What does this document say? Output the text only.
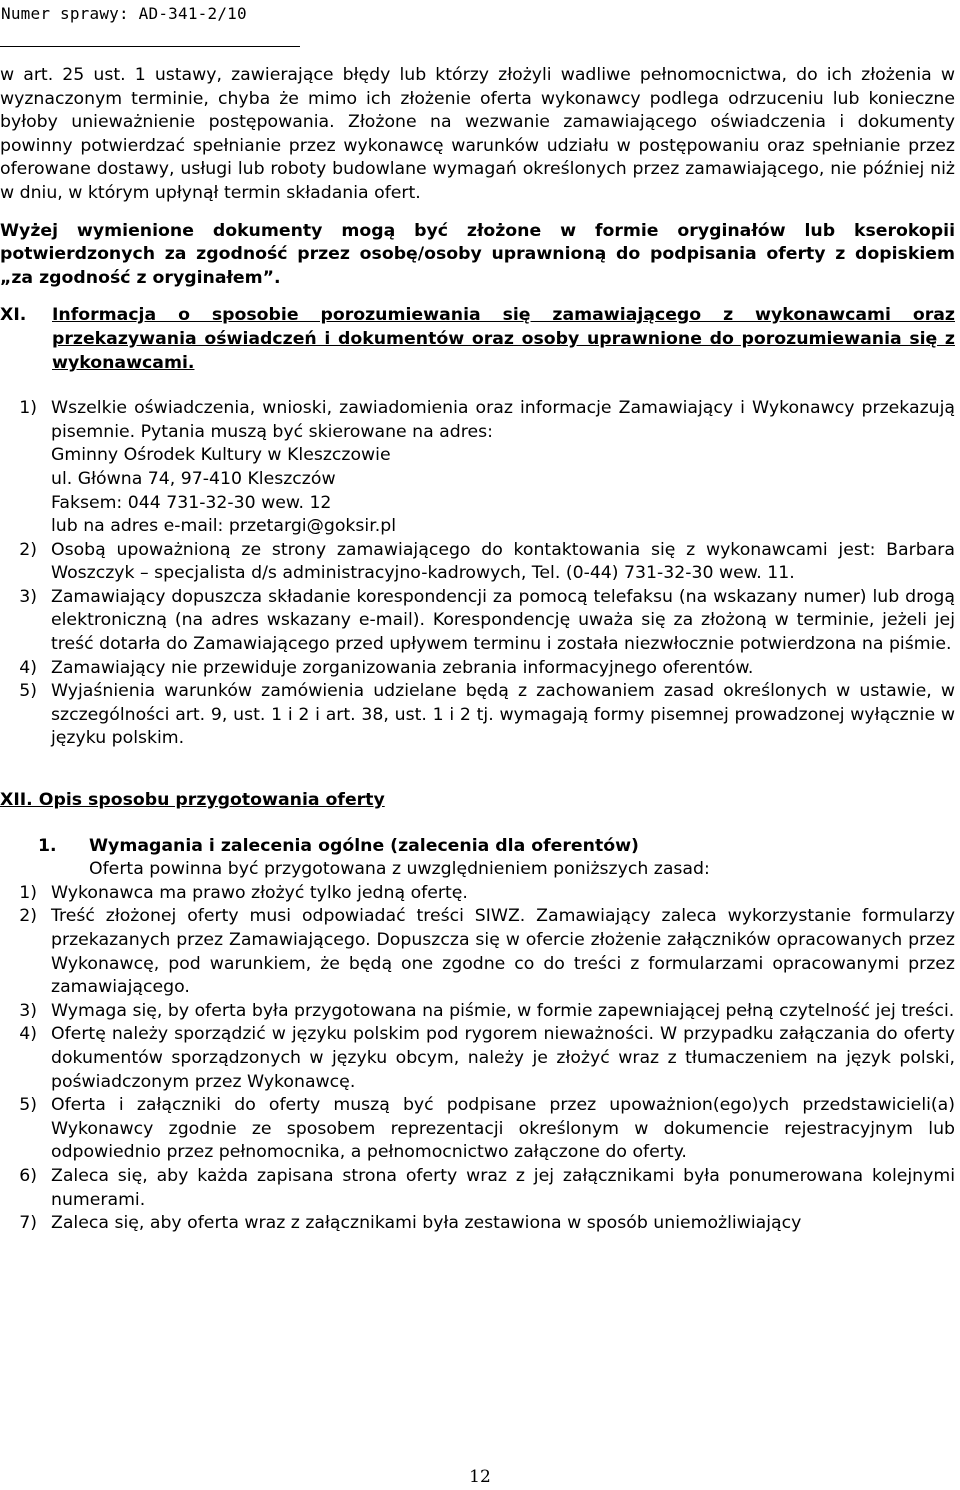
Numer sprawy: AD-341-2/10

w art. 25 ust. 1 ustawy, zawierające błędy lub którzy złożyli wadliwe pełnomocnictwa, do ich złożenia w wyznaczonym terminie, chyba że mimo ich złożenie oferta wykonawcy podlega odrzuceniu lub konieczne byłoby unieważnienie postępowania. Złożone na wezwanie zamawiającego oświadczenia i dokumenty powinny potwierdzać spełnianie przez wykonawcę warunków udziału w postępowaniu oraz spełnianie przez oferowane dostawy, usługi lub roboty budowlane wymagań określonych przez zamawiającego, nie później niż w dniu, w którym upłynął termin składania ofert.

Wyżej wymienione dokumenty mogą być złożone w formie oryginałów lub kserokopii potwierdzonych za zgodność przez osobę/osoby uprawnioną do podpisania oferty z dopiskiem „za zgodność z oryginałem”.

XI.	Informacja o sposobie porozumiewania się zamawiającego z wykonawcami oraz przekazywania oświadczeń i dokumentów oraz osoby uprawnione do porozumiewania się z wykonawcami.
1) Wszelkie oświadczenia, wnioski, zawiadomienia oraz informacje Zamawiający i Wykonawcy przekazują pisemnie. Pytania muszą być skierowane na adres:
Gminny Ośrodek Kultury w Kleszczowie
ul. Główna 74, 97-410 Kleszczów
Faksem: 044 731-32-30 wew. 12
lub na adres e-mail: przetargi@goksir.pl
2) Osobą upoważnioną ze strony zamawiającego do kontaktowania się z wykonawcami jest: Barbara Woszczyk – specjalista d/s administracyjno-kadrowych, Tel. (0-44) 731-32-30 wew. 11.
3) Zamawiający dopuszcza składanie korespondencji za pomocą telefaksu (na wskazany numer) lub drogą elektroniczną (na adres wskazany e-mail). Korespondencję uważa się za złożoną w terminie, jeżeli jej treść dotarła do Zamawiającego przed upływem terminu i została niezwłocznie potwierdzona na piśmie.
4) Zamawiający nie przewiduje zorganizowania zebrania informacyjnego oferentów.
5) Wyjaśnienia warunków zamówienia udzielane będą z zachowaniem zasad określonych w ustawie, w szczególności art. 9, ust. 1 i 2 i art. 38, ust. 1 i 2 tj. wymagają formy pisemnej prowadzonej wyłącznie w języku polskim.

XII. Opis sposobu przygotowania oferty

1.	Wymagania i zalecenia ogólne (zalecenia dla oferentów)

Oferta powinna być przygotowana z uwzględnieniem poniższych zasad:

1) Wykonawca ma prawo złożyć tylko jedną ofertę.
2) Treść złożonej oferty musi odpowiadać treści SIWZ. Zamawiający zaleca wykorzystanie formularzy przekazanych przez Zamawiającego. Dopuszcza się w ofercie złożenie załączników opracowanych przez Wykonawcę, pod warunkiem, że będą one zgodne co do treści z formularzami opracowanymi przez zamawiającego.
3) Wymaga się, by oferta była przygotowana na piśmie, w formie zapewniającej pełną czytelność jej treści.
4) Ofertę należy sporządzić w języku polskim pod rygorem nieważności. W przypadku załączania do oferty dokumentów sporządzonych w języku obcym, należy je złożyć wraz z tłumaczeniem na język polski, poświadczonym przez Wykonawcę.
5) Oferta i załączniki do oferty muszą być podpisane przez upoważnion(ego)ych przedstawicieli(a) Wykonawcy zgodnie ze sposobem reprezentacji określonym w dokumencie rejestracyjnym lub odpowiednio przez pełnomocnika, a pełnomocnictwo załączone do oferty.
6) Zaleca się, aby każda zapisana strona oferty wraz z jej załącznikami była ponumerowana kolejnymi numerami.
7) Zaleca się, aby oferta wraz z załącznikami była zestawiona w sposób uniemożliwiający
12
